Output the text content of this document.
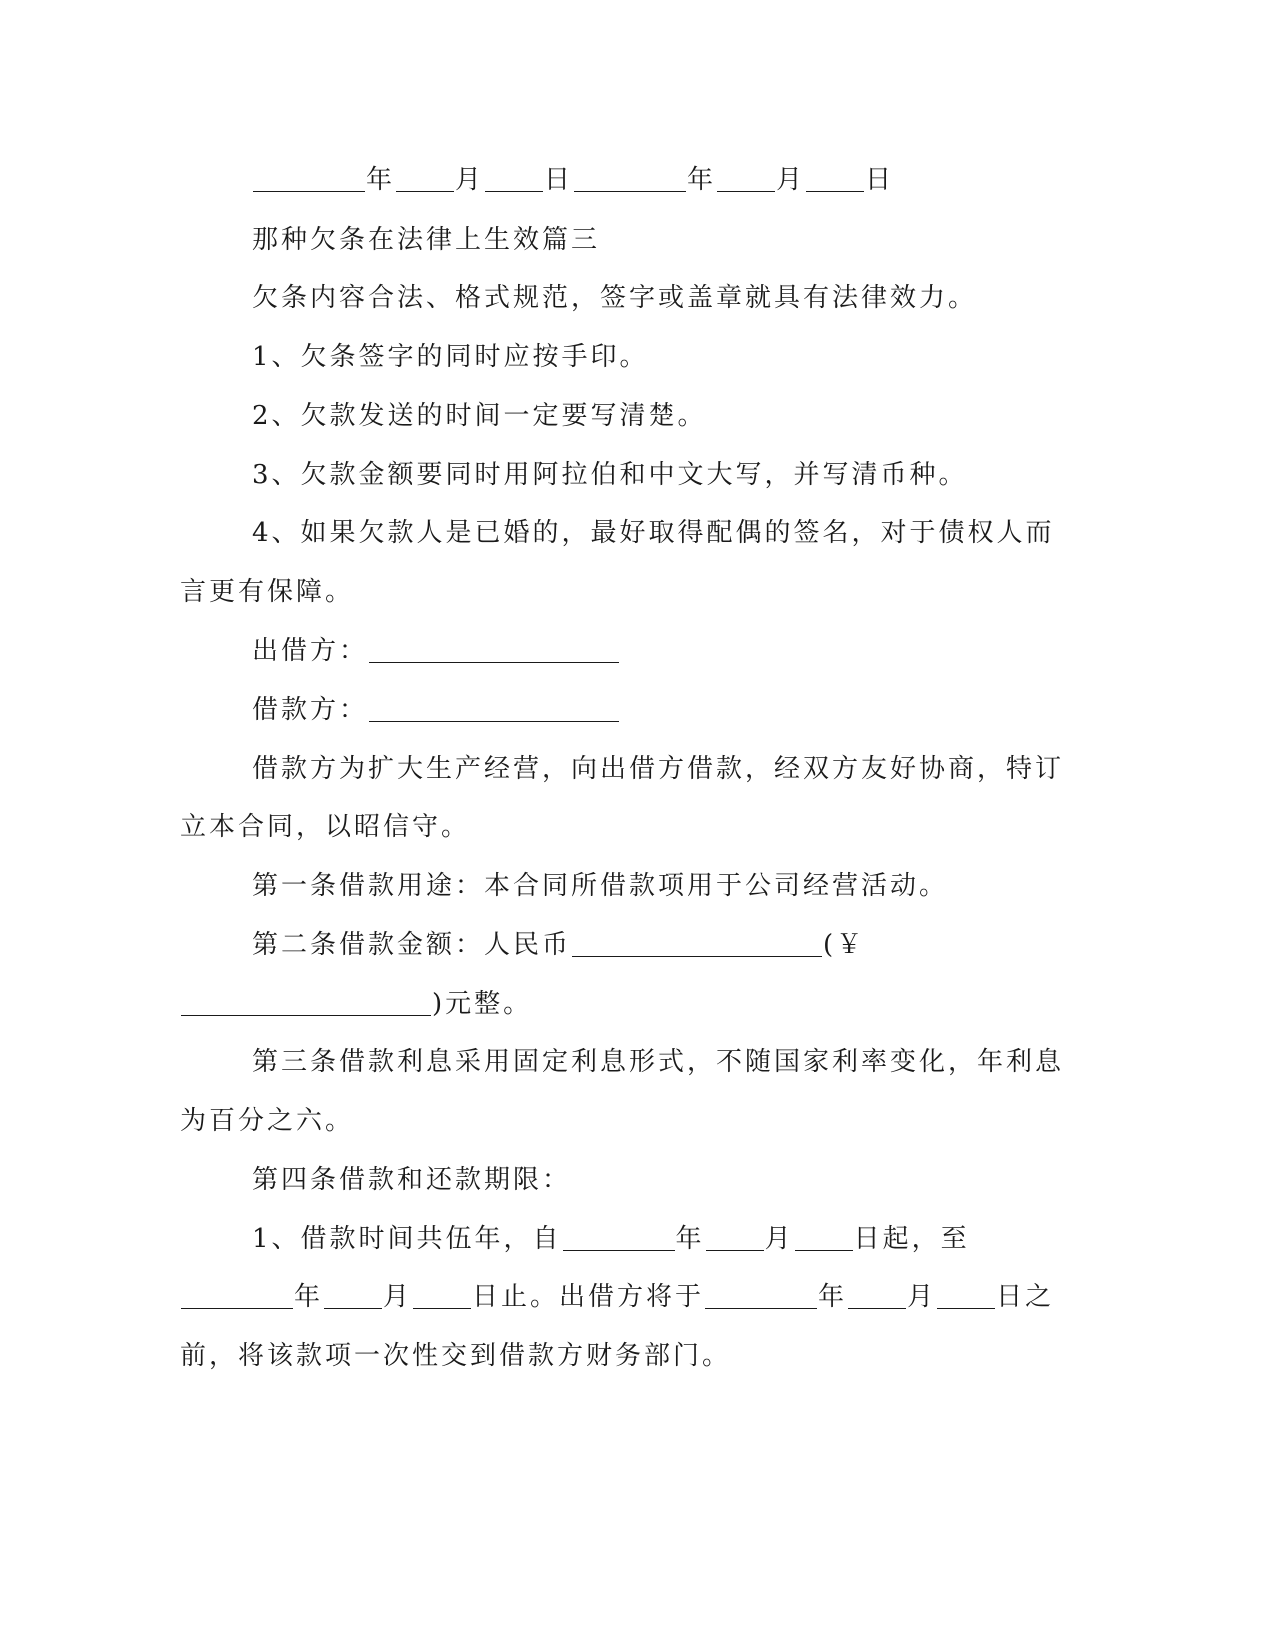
年 月 日	年 月 日
那种欠条在法律上生效篇三
欠条内容合法、格式规范，签字或盖章就具有法律效力。
1、欠条签字的同时应按手印。
2、欠款发送的时间一定要写清楚。
3、欠款金额要同时用阿拉伯和中文大写，并写清币种。
4、如果欠款人是已婚的，最好取得配偶的签名，对于债权人而
言更有保障。
出借方：
借款方：
借款方为扩大生产经营，向出借方借款，经双方友好协商，特订
立本合同，以昭信守。
第一条借款用途：本合同所借款项用于公司经营活动。
第二条借款金额：人民币	(￥
)元整。
第三条借款利息采用固定利息形式，不随国家利率变化，年利息
为百分之六。
第四条借款和还款期限：
1、借款时间共伍年，自	年 月 日起，至
年 月 日止。出借方将于	年 月 日之
前，将该款项一次性交到借款方财务部门。
